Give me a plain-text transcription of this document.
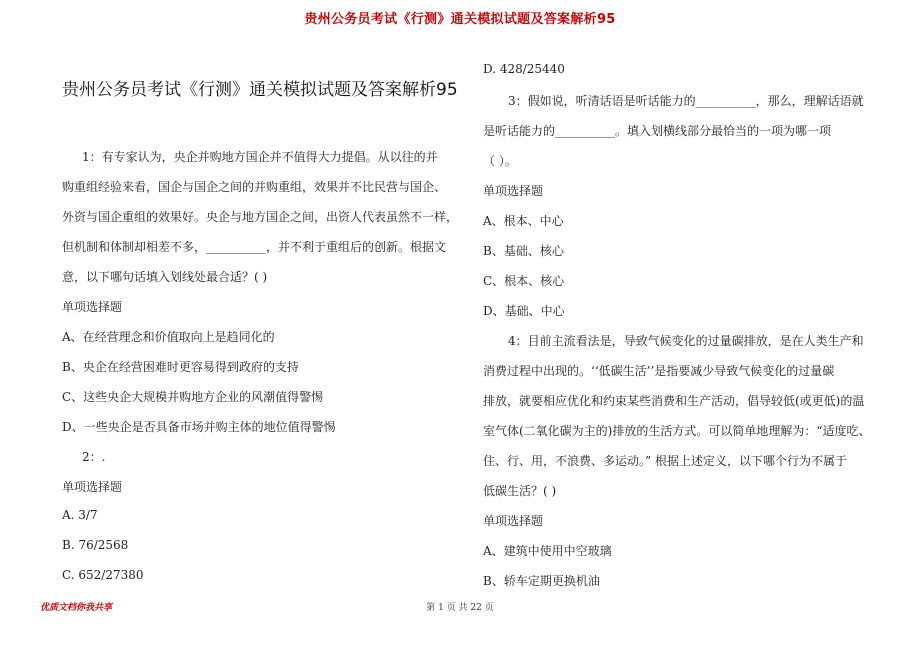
贵州公务员考试《行测》通关模拟试题及答案解析95
贵州公务员考试《行测》通关模拟试题及答案解析95
1：有专家认为，央企并购地方国企并不值得大力提倡。从以往的并
购重组经验来看，国企与国企之间的并购重组，效果并不比民营与国企、
外资与国企重组的效果好。央企与地方国企之间，出资人代表虽然不一样，
但机制和体制却相差不多，__________，并不利于重组后的创新。根据文
意，以下哪句话填入划线处最合适？( )
单项选择题
A、在经营理念和价值取向上是趋同化的
B、央企在经营困难时更容易得到政府的支持
C、这些央企大规模并购地方企业的风潮值得警惕
D、一些央企是否具备市场并购主体的地位值得警惕
2：.
单项选择题
A. 3/7
B. 76/2568
C. 652/27380
D. 428/25440
3：假如说，听清话语是听话能力的__________，那么，理解话语就
是听话能力的__________。填入划横线部分最恰当的一项为哪一项
（ ）。
单项选择题
A、根本、中心
B、基础、核心
C、根本、核心
D、基础、中心
4：目前主流看法是，导致气候变化的过量碳排放，是在人类生产和
消费过程中出现的。‘‘低碳生活’’是指要减少导致气候变化的过量碳
排放，就要相应优化和约束某些消费和生产活动，倡导较低(或更低)的温
室气体(二氧化碳为主的)排放的生活方式。可以简单地理解为：“适度吃、
住、行、用，不浪费、多运动。” 根据上述定义，以下哪个行为不属于
低碳生活？( )
单项选择题
A、建筑中使用中空玻璃
B、轿车定期更换机油
优质文档你我共享	第 1 页 共 22 页
